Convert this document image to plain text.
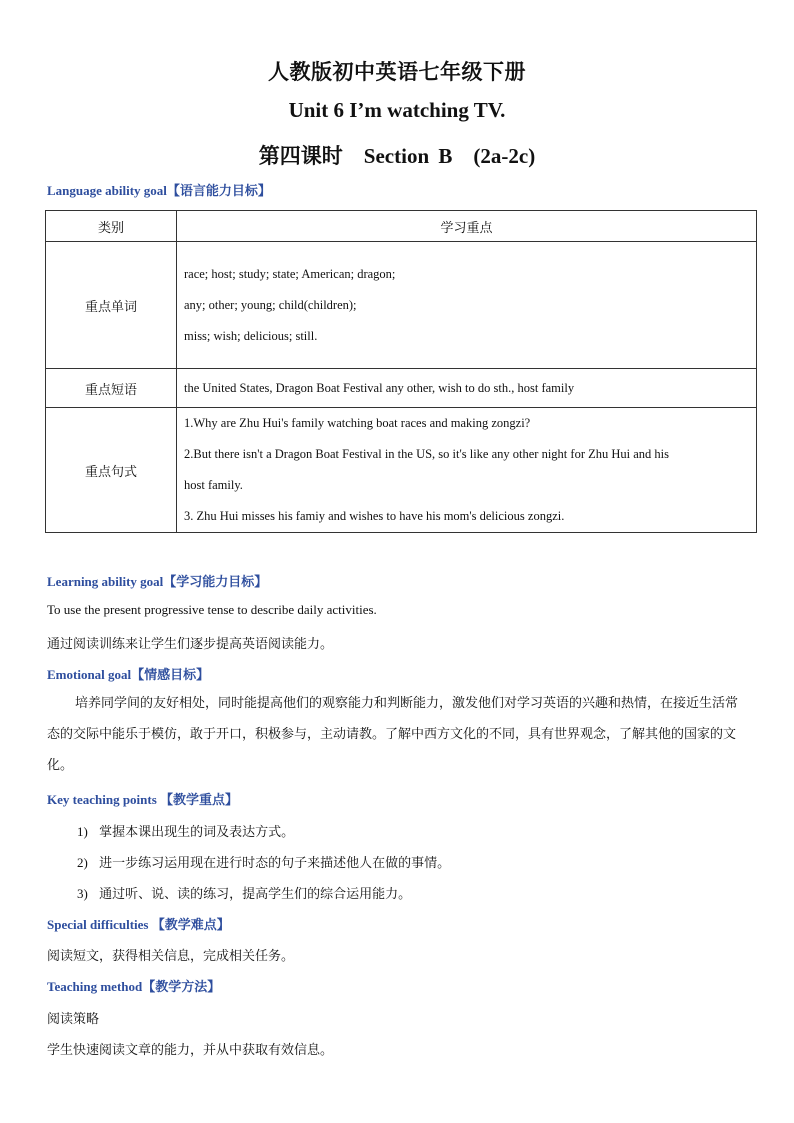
人教版初中英语七年级下册
Unit 6 I’m watching TV.
第四课时　Section B　(2a-2c)
Language ability goal【语言能力目标】
类别	学习重点
重点单词	race; host; study; state; American; dragon;
any; other; young; child(children);
miss; wish; delicious; still.

重点短语	the United States, Dragon Boat Festival any other, wish to do sth., host family

重点句式	1.Why are Zhu Hui's family watching boat races and making zongzi?
2.But there isn't a Dragon Boat Festival in the US, so it's like any other night for Zhu Hui and his
host family.
3. Zhu Hui misses his famiy and wishes to have his mom's delicious zongzi.
Learning ability goal【学习能力目标】
To use the present progressive tense to describe daily activities.
通过阅读训练来让学生们逐步提高英语阅读能力。
Emotional goal【情感目标】
培养同学间的友好相处，同时能提高他们的观察能力和判断能力，激发他们对学习英语的兴趣和热情，在接近生活常态的交际中能乐于模仿，敢于开口，积极参与，主动请教。了解中西方文化的不同，具有世界观念，了解其他的国家的文化。
Key teaching points 【教学重点】
1) 掌握本课出现生的词及表达方式。
2) 进一步练习运用现在进行时态的句子来描述他人在做的事情。
3) 通过听、说、读的练习，提高学生们的综合运用能力。
Special difficulties 【教学难点】
阅读短文，获得相关信息，完成相关任务。
Teaching method【教学方法】
阅读策略
学生快速阅读文章的能力，并从中获取有效信息。
